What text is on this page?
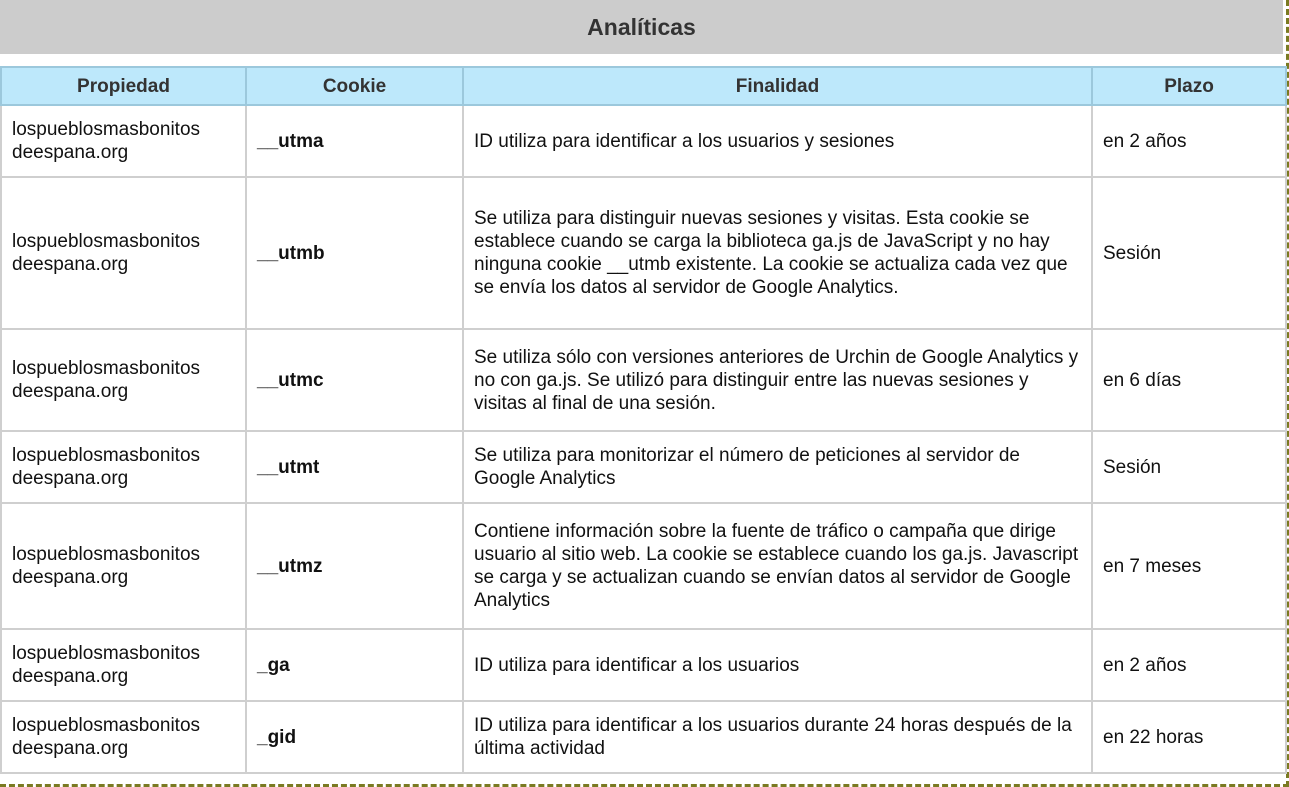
Analíticas
Propiedad	Cookie	Finalidad	Plazo
lospueblosmasbonitos deespana.org	__utma	ID utiliza para identificar a los usuarios y sesiones	en 2 años
lospueblosmasbonitos deespana.org	__utmb	Se utiliza para distinguir nuevas sesiones y visitas. Esta cookie se establece cuando se carga la biblioteca ga.js de JavaScript y no hay ninguna cookie __utmb existente. La cookie se actualiza cada vez que se envía los datos al servidor de Google Analytics.	Sesión
lospueblosmasbonitos deespana.org	__utmc	Se utiliza sólo con versiones anteriores de Urchin de Google Analytics y no con ga.js. Se utilizó para distinguir entre las nuevas sesiones y visitas al final de una sesión.	en 6 días
lospueblosmasbonitos deespana.org	__utmt	Se utiliza para monitorizar el número de peticiones al servidor de Google Analytics	Sesión
lospueblosmasbonitos deespana.org	__utmz	Contiene información sobre la fuente de tráfico o campaña que dirige usuario al sitio web. La cookie se establece cuando los ga.js. Javascript se carga y se actualizan cuando se envían datos al servidor de Google Analytics	en 7 meses
lospueblosmasbonitos deespana.org	_ga	ID utiliza para identificar a los usuarios	en 2 años
lospueblosmasbonitos deespana.org	_gid	ID utiliza para identificar a los usuarios durante 24 horas después de la última actividad	en 22 horas
